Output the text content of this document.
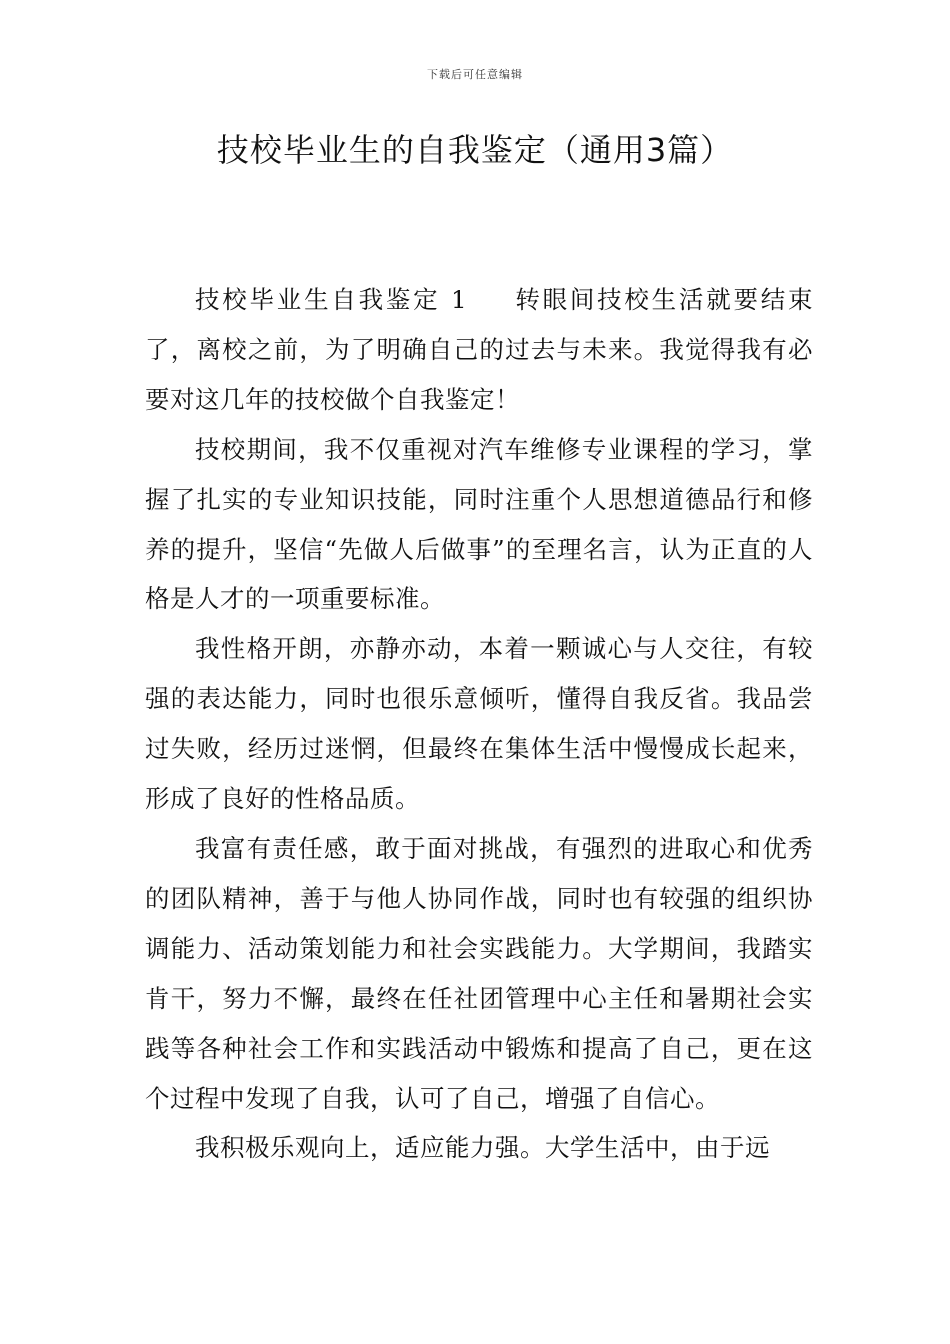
下载后可任意编辑
技校毕业生的自我鉴定（通用3篇）

技校毕业生自我鉴定 1 转眼间技校生活就要结束了，离校之前，为了明确自己的过去与未来。我觉得我有必要对这几年的技校做个自我鉴定！

技校期间，我不仅重视对汽车维修专业课程的学习，掌握了扎实的专业知识技能，同时注重个人思想道德品行和修养的提升，坚信“先做人后做事”的至理名言，认为正直的人格是人才的一项重要标准。

我性格开朗，亦静亦动，本着一颗诚心与人交往，有较强的表达能力，同时也很乐意倾听，懂得自我反省。我品尝过失败，经历过迷惘，但最终在集体生活中慢慢成长起来，形成了良好的性格品质。

我富有责任感，敢于面对挑战，有强烈的进取心和优秀的团队精神，善于与他人协同作战，同时也有较强的组织协调能力、活动策划能力和社会实践能力。大学期间，我踏实肯干，努力不懈，最终在任社团管理中心主任和暑期社会实践等各种社会工作和实践活动中锻炼和提高了自己，更在这个过程中发现了自我，认可了自己，增强了自信心。

我积极乐观向上，适应能力强。大学生活中，由于远
